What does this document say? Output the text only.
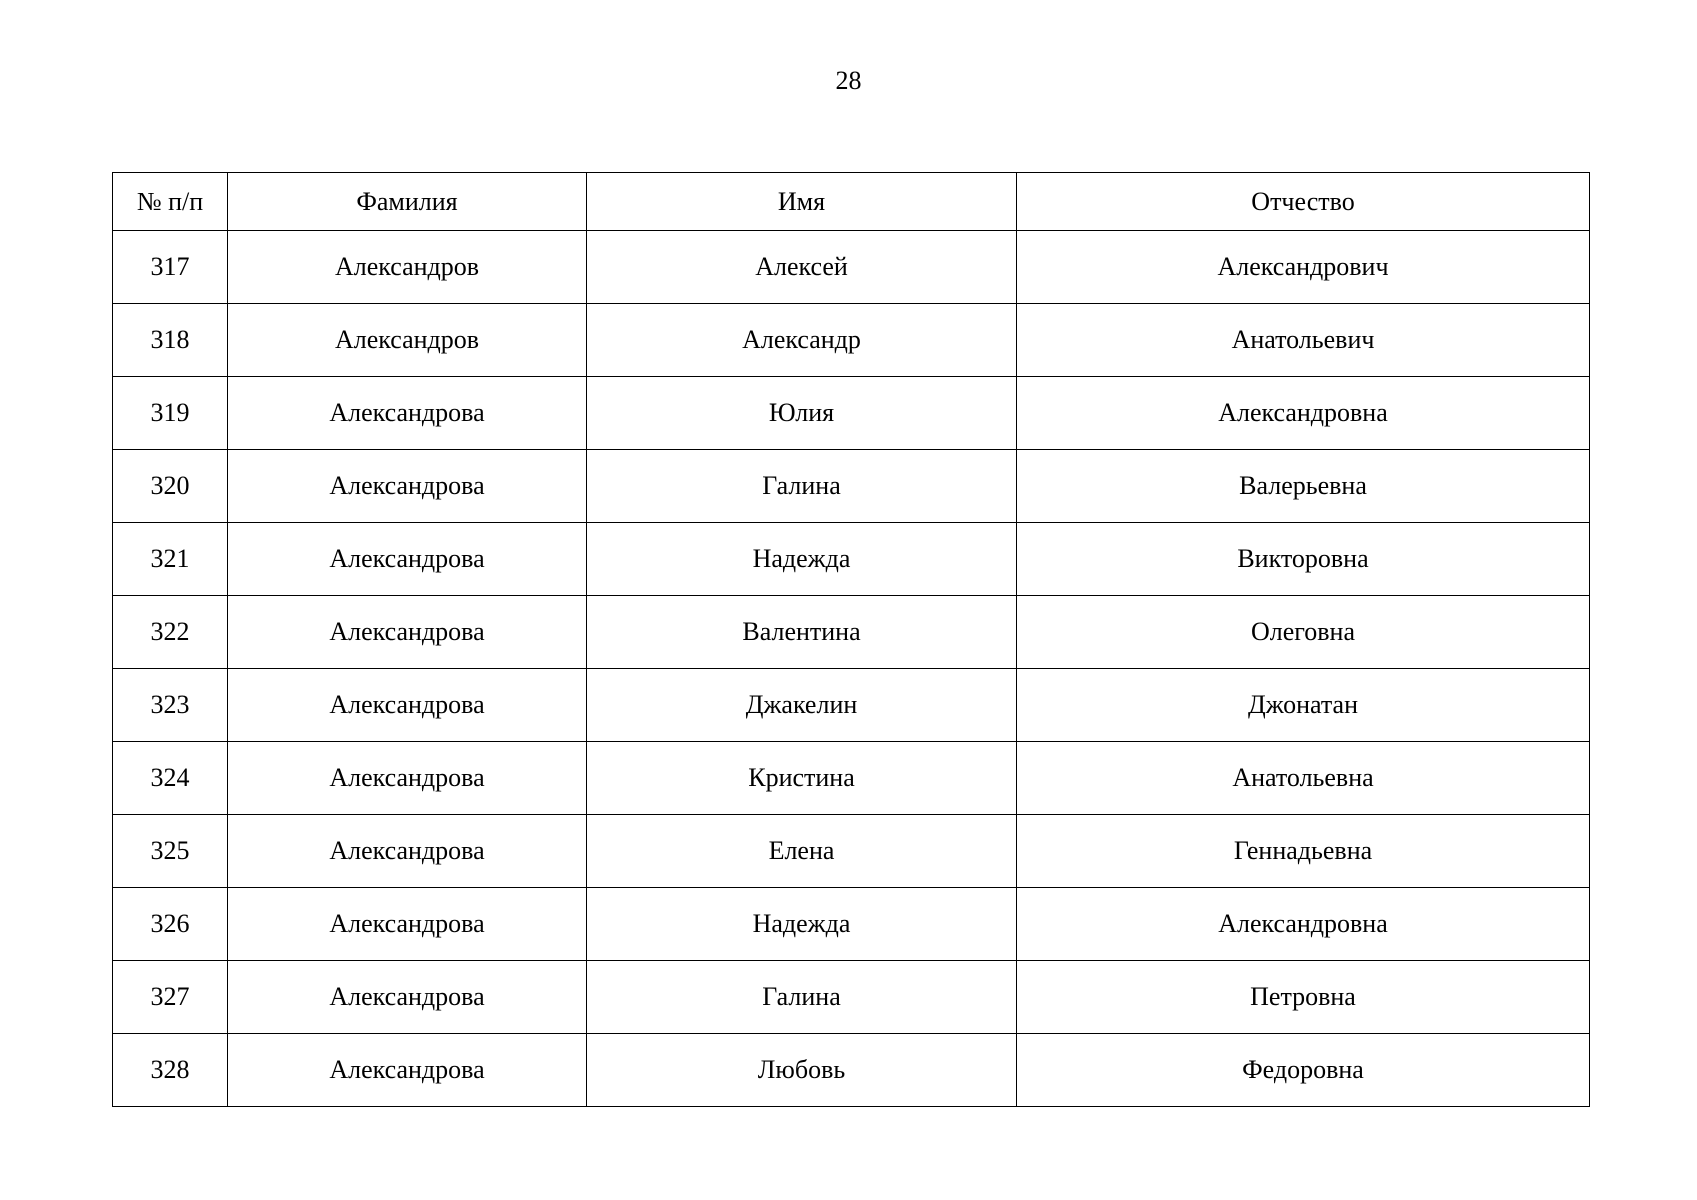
28
№ п/п	Фамилия	Имя	Отчество
317	Александров	Алексей	Александрович
318	Александров	Александр	Анатольевич
319	Александрова	Юлия	Александровна
320	Александрова	Галина	Валерьевна
321	Александрова	Надежда	Викторовна
322	Александрова	Валентина	Олеговна
323	Александрова	Джакелин	Джонатан
324	Александрова	Кристина	Анатольевна
325	Александрова	Елена	Геннадьевна
326	Александрова	Надежда	Александровна
327	Александрова	Галина	Петровна
328	Александрова	Любовь	Федоровна
